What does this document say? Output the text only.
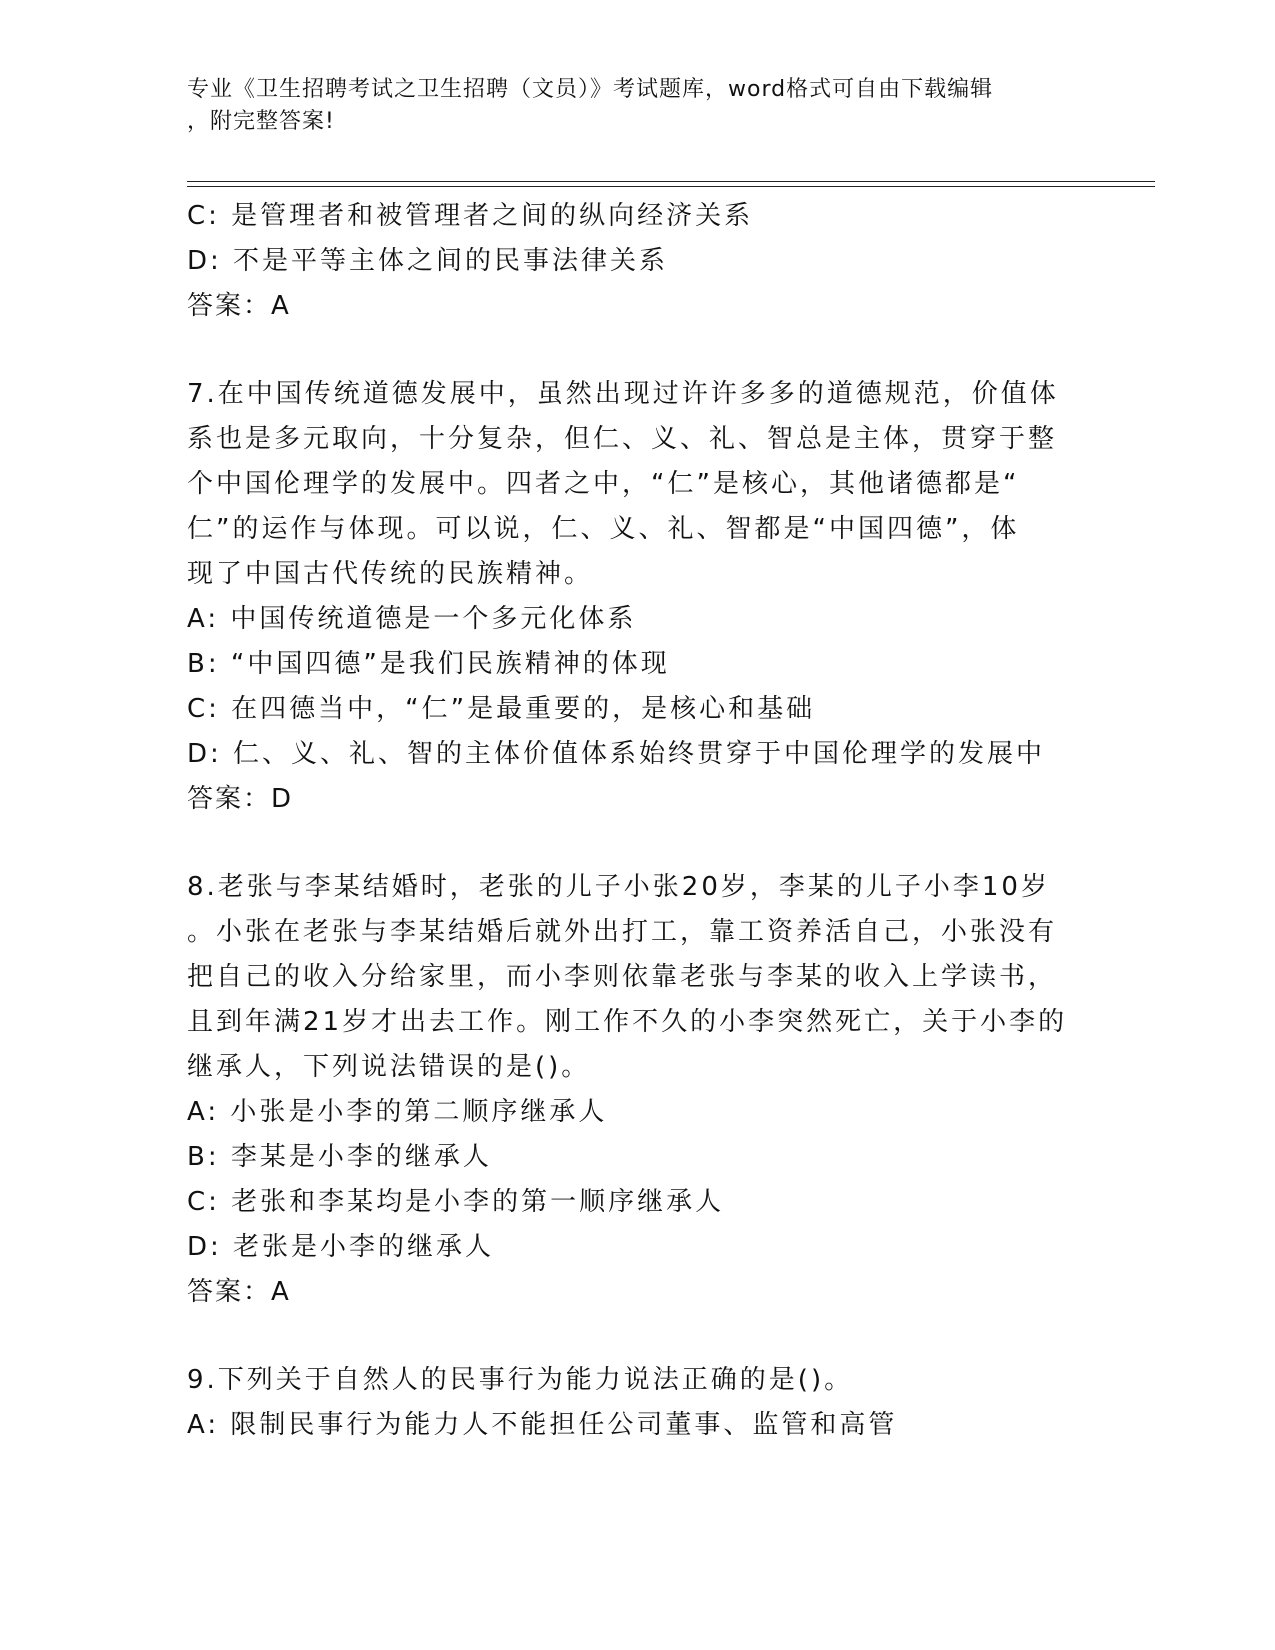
专业《卫生招聘考试之卫生招聘（文员）》考试题库，word格式可自由下载编辑
，附完整答案!
C: 是管理者和被管理者之间的纵向经济关系
D: 不是平等主体之间的民事法律关系
答案：A
7.在中国传统道德发展中，虽然出现过许许多多的道德规范，价值体
系也是多元取向，十分复杂，但仁、义、礼、智总是主体，贯穿于整
个中国伦理学的发展中。四者之中，“仁”是核心，其他诸德都是“
仁”的运作与体现。可以说，仁、义、礼、智都是“中国四德”，体
现了中国古代传统的民族精神。
A: 中国传统道德是一个多元化体系
B: “中国四德”是我们民族精神的体现
C: 在四德当中，“仁”是最重要的，是核心和基础
D: 仁、义、礼、智的主体价值体系始终贯穿于中国伦理学的发展中
答案：D
8.老张与李某结婚时，老张的儿子小张20岁，李某的儿子小李10岁
。小张在老张与李某结婚后就外出打工，靠工资养活自己，小张没有
把自己的收入分给家里，而小李则依靠老张与李某的收入上学读书，
且到年满21岁才出去工作。刚工作不久的小李突然死亡，关于小李的
继承人，下列说法错误的是()。
A: 小张是小李的第二顺序继承人
B: 李某是小李的继承人
C: 老张和李某均是小李的第一顺序继承人
D: 老张是小李的继承人
答案：A
9.下列关于自然人的民事行为能力说法正确的是()。
A: 限制民事行为能力人不能担任公司董事、监管和高管
